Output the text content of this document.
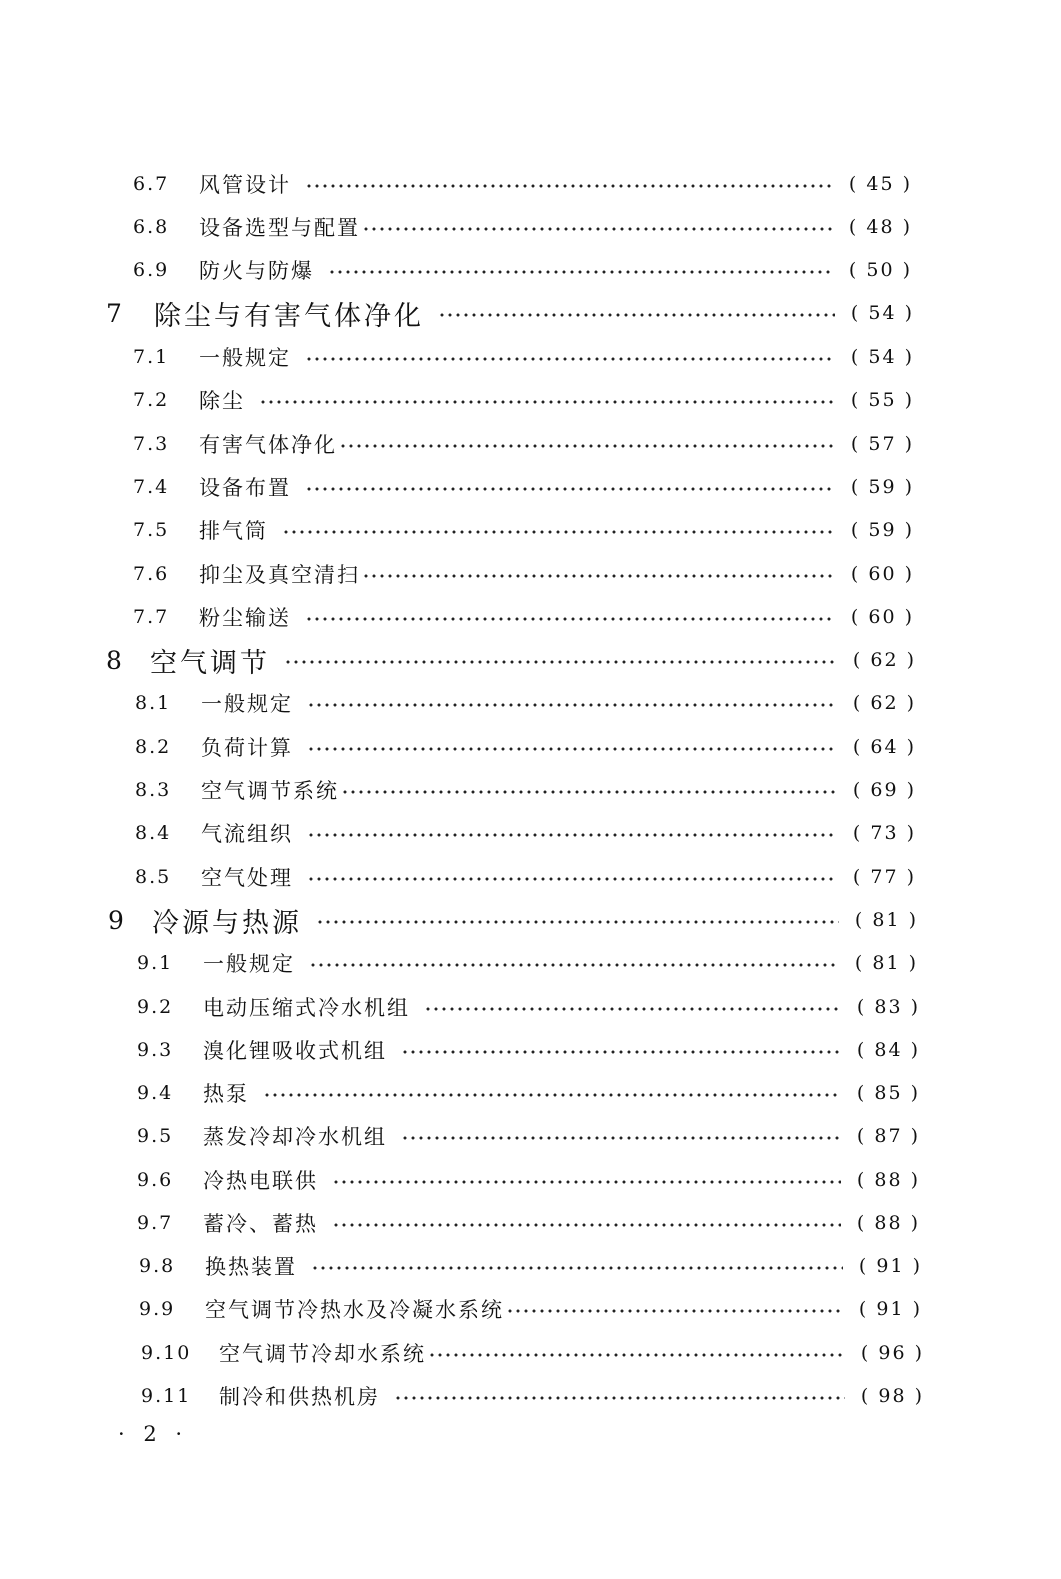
6.7	风管设计	( 45 )
6.8	设备选型与配置	( 48 )
6.9	防火与防爆	( 50 )
7	除尘与有害气体净化	( 54 )
7.1	一般规定	( 54 )
7.2	除尘	( 55 )
7.3	有害气体净化	( 57 )
7.4	设备布置	( 59 )
7.5	排气筒	( 59 )
7.6	抑尘及真空清扫	( 60 )
7.7	粉尘输送	( 60 )
8 空气调节	( 62 )
8.1	一般规定	( 62 )
8.2	负荷计算	( 64 )
8.3	空气调节系统	( 69 )
8.4	气流组织	( 73 )
8.5	空气处理	( 77 )
9 冷源与热源	( 81 )
9.1	一般规定	( 81 )
9.2	电动压缩式冷水机组	( 83 )
9.3	溴化锂吸收式机组	( 84 )
9.4	热泵	( 85 )
9.5	蒸发冷却冷水机组	( 87 )
9.6	冷热电联供	( 88 )
9.7	蓄冷、蓄热	( 88 )
9.8	换热装置	( 91 )
9.9	空气调节冷热水及冷凝水系统	( 91 )
9.10	空气调节冷却水系统	( 96 )
9.11	制冷和供热机房	( 98 )
· 2 ·
